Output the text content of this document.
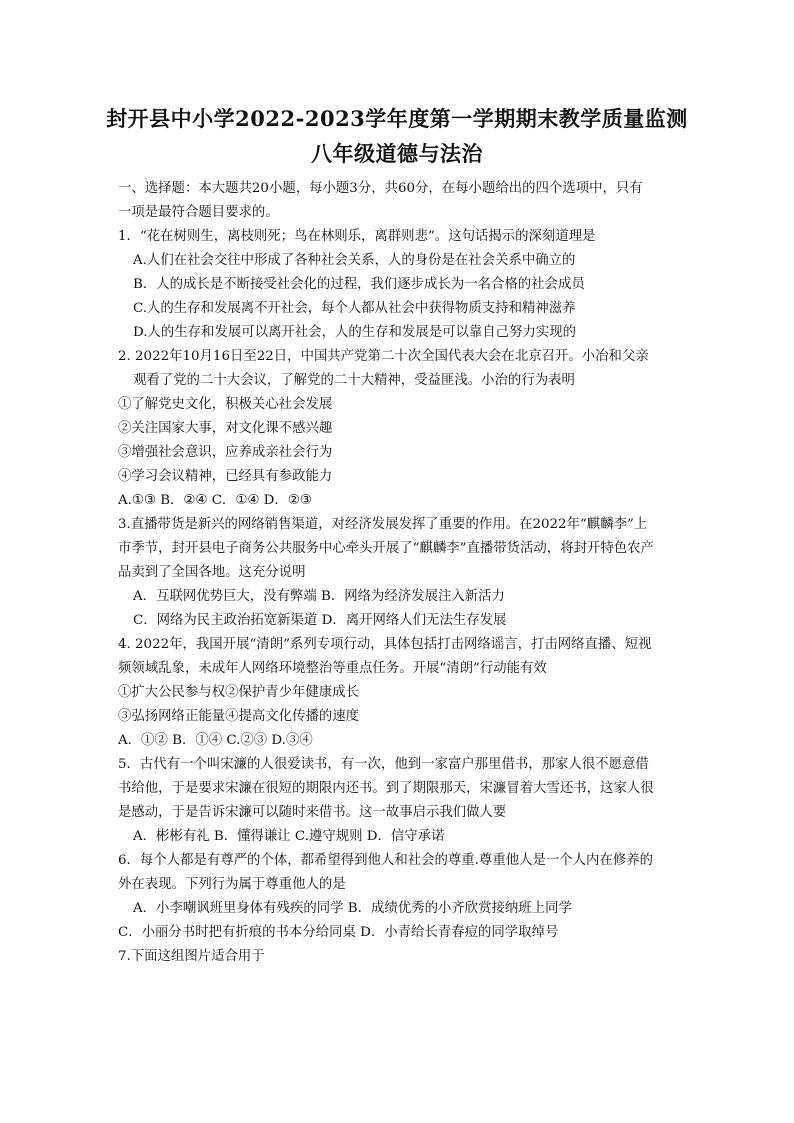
封开县中小学2022-2023学年度第一学期期末教学质量监测
八年级道德与法治
一、选择题：本大题共20小题，每小题3分，共60分，在每小题给出的四个选项中，只有
一项是最符合题目要求的。
1．“花在树则生，离枝则死；鸟在林则乐，离群则悲”。这句话揭示的深刻道理是
A.人们在社会交往中形成了各种社会关系，人的身份是在社会关系中确立的
B．人的成长是不断接受社会化的过程，我们逐步成长为一名合格的社会成员
C.人的生存和发展离不开社会，每个人都从社会中获得物质支持和精神滋养
D.人的生存和发展可以离开社会，人的生存和发展是可以靠自己努力实现的
2. 2022年10月16日至22日，中国共产党第二十次全国代表大会在北京召开。小冶和父亲
观看了党的二十大会议，了解党的二十大精神，受益匪浅。小治的行为表明
①了解党史文化，积极关心社会发展
②关注国家大事，对文化课不感兴趣
③增强社会意识，应养成亲社会行为
④学习会议精神，已经具有参政能力
A.①③ B．②④ C．①④ D．②③
3.直播带货是新兴的网络销售渠道，对经济发展发挥了重要的作用。在2022年“麒麟李”上
市季节，封开县电子商务公共服务中心牵头开展了“麒麟李”直播带货活动，将封开特色农产
品卖到了全国各地。这充分说明
A．互联网优势巨大，没有弊端 B．网络为经济发展注入新活力
C．网络为民主政治拓宽新渠道 D．离开网络人们无法生存发展
4. 2022年，我国开展“清朗”系列专项行动，具体包括打击网络谣言，打击网络直播、短视
频领域乱象，未成年人网络环境整治等重点任务。开展“清朗”行动能有效
①扩大公民参与权②保护青少年健康成长
③弘扬网络正能量④提高文化传播的速度
A．①② B．①④ C.②③ D.③④
5．古代有一个叫宋濂的人很爱读书，有一次，他到一家富户那里借书，那家人很不愿意借
书给他，于是要求宋濂在很短的期限内还书。到了期限那天，宋濂冒着大雪还书，这家人很
是感动，于是告诉宋濂可以随时来借书。这一故事启示我们做人要
A．彬彬有礼 B．懂得谦让 C.遵守规则 D．信守承诺
6．每个人都是有尊严的个体，都希望得到他人和社会的尊重.尊重他人是一个人内在修养的
外在表现。下列行为属于尊重他人的是
A．小李嘲讽班里身体有残疾的同学 B．成绩优秀的小齐欣赏接纳班上同学
C．小丽分书时把有折痕的书本分给同桌 D．小青给长青春痘的同学取绰号
7.下面这组图片适合用于
